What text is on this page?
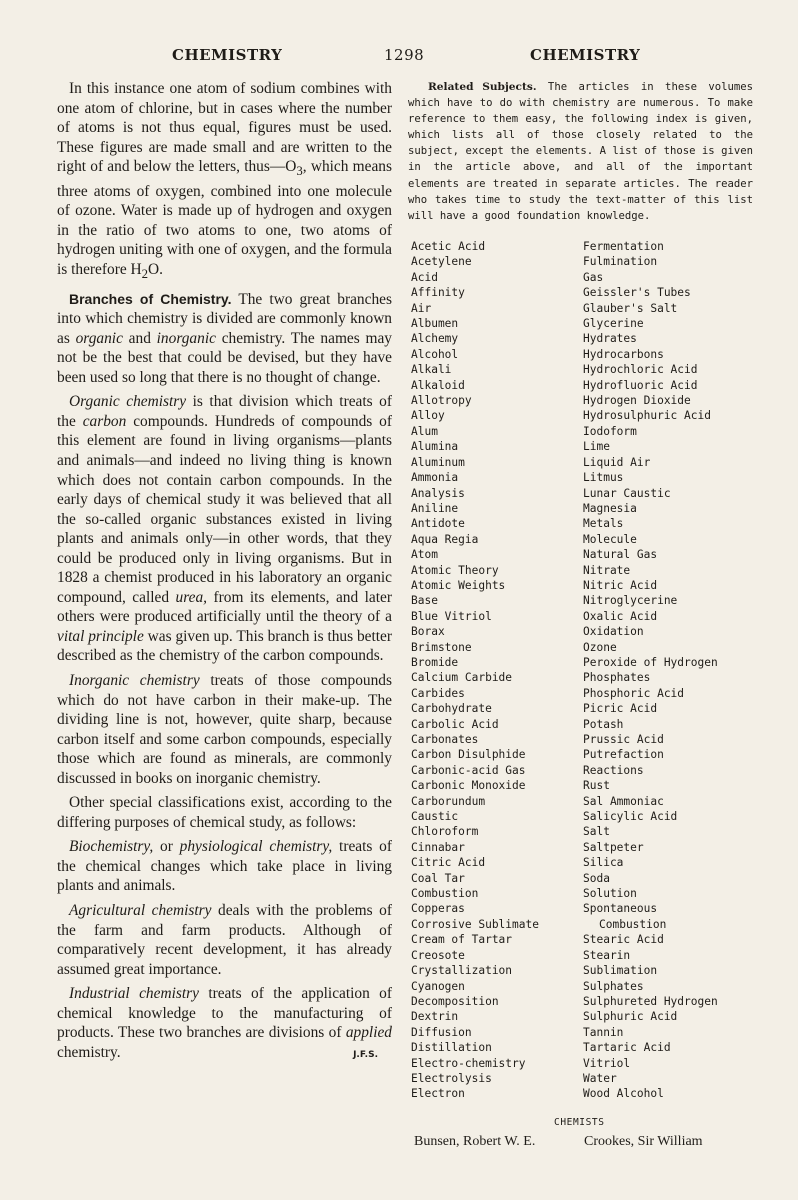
CHEMISTRY	1298	CHEMISTRY

In this instance one atom of sodium combines with one atom of chlorine, but in cases where the number of atoms is not thus equal, figures must be used. These figures are made small and are written to the right of and below the letters, $thus—O_3$, which means three atoms of oxygen, combined into one molecule of ozone. Water is made up of hydrogen and oxygen in the ratio of two atoms to one, two atoms of hydrogen uniting with one of oxygen, and the formula is therefore $H_2O$.

Branches of Chemistry. The two great branches into which chemistry is divided are commonly known as organic and inorganic chemistry. The names may not be the best that could be devised, but they have been used so long that there is no thought of change.

Organic chemistry is that division which treats of the carbon compounds. Hundreds of compounds of this element are found in living organisms—plants and animals—and indeed no living thing is known which does not contain carbon compounds. In the early days of chemical study it was believed that all the so-called organic substances existed in living plants and animals only—in other words, that they could be produced only in living organisms. But in 1828 a chemist produced in his laboratory an organic compound, called urea, from its elements, and later others were produced artificially until the theory of a vital principle was given up. This branch is thus better described as the chemistry of the carbon compounds.

Inorganic chemistry treats of those compounds which do not have carbon in their make-up. The dividing line is not, however, quite sharp, because carbon itself and some carbon compounds, especially those which are found as minerals, are commonly discussed in books on inorganic chemistry.

Other special classifications exist, according to the differing purposes of chemical study, as follows:

Biochemistry, or physiological chemistry, treats of the chemical changes which take place in living plants and animals.

Agricultural chemistry deals with the problems of the farm and farm products. Although of comparatively recent development, it has already assumed great importance.

Industrial chemistry treats of the application of chemical knowledge to the manufacturing of products. These two branches are divisions of applied chemistry.	J.F.S.

Related Subjects. The articles in these volumes which have to do with chemistry are numerous. To make reference to them easy, the following index is given, which lists all of those closely related to the subject, except the elements. A list of those is given in the article above, and all of the important elements are treated in separate articles. The reader who takes time to study the text-matter of this list will have a good foundation knowledge.

Acetic Acid
Acetylene
Acid
Affinity
Air
Albumen
Alchemy
Alcohol
Alkali
Alkaloid
Allotropy
Alloy
Alum
Alumina
Aluminum
Ammonia
Analysis
Aniline
Antidote
Aqua Regia
Atom
Atomic Theory
Atomic Weights
Base
Blue Vitriol
Borax
Brimstone
Bromide
Calcium Carbide
Carbides
Carbohydrate
Carbolic Acid
Carbonates
Carbon Disulphide
Carbonic-acid Gas
Carbonic Monoxide
Carborundum
Caustic
Chloroform
Cinnabar
Citric Acid
Coal Tar
Combustion
Copperas
Corrosive Sublimate
Cream of Tartar
Creosote
Crystallization
Cyanogen
Decomposition
Dextrin
Diffusion
Distillation
Electro-chemistry
Electrolysis
Electron
Fermentation
Fulmination
Gas
Geissler's Tubes
Glauber's Salt
Glycerine
Hydrates
Hydrocarbons
Hydrochloric Acid
Hydrofluoric Acid
Hydrogen Dioxide
Hydrosulphuric Acid
Iodoform
Lime
Liquid Air
Litmus
Lunar Caustic
Magnesia
Metals
Molecule
Natural Gas
Nitrate
Nitric Acid
Nitroglycerine
Oxalic Acid
Oxidation
Ozone
Peroxide of Hydrogen
Phosphates
Phosphoric Acid
Picric Acid
Potash
Prussic Acid
Putrefaction
Reactions
Rust
Sal Ammoniac
Salicylic Acid
Salt
Saltpeter
Silica
Soda
Solution
Spontaneous
Combustion
Stearic Acid
Stearin
Sublimation
Sulphates
Sulphureted Hydrogen
Sulphuric Acid
Tannin
Tartaric Acid
Vitriol
Water
Wood Alcohol
CHEMISTS
Bunsen, Robert W. E.	Crookes, Sir William
